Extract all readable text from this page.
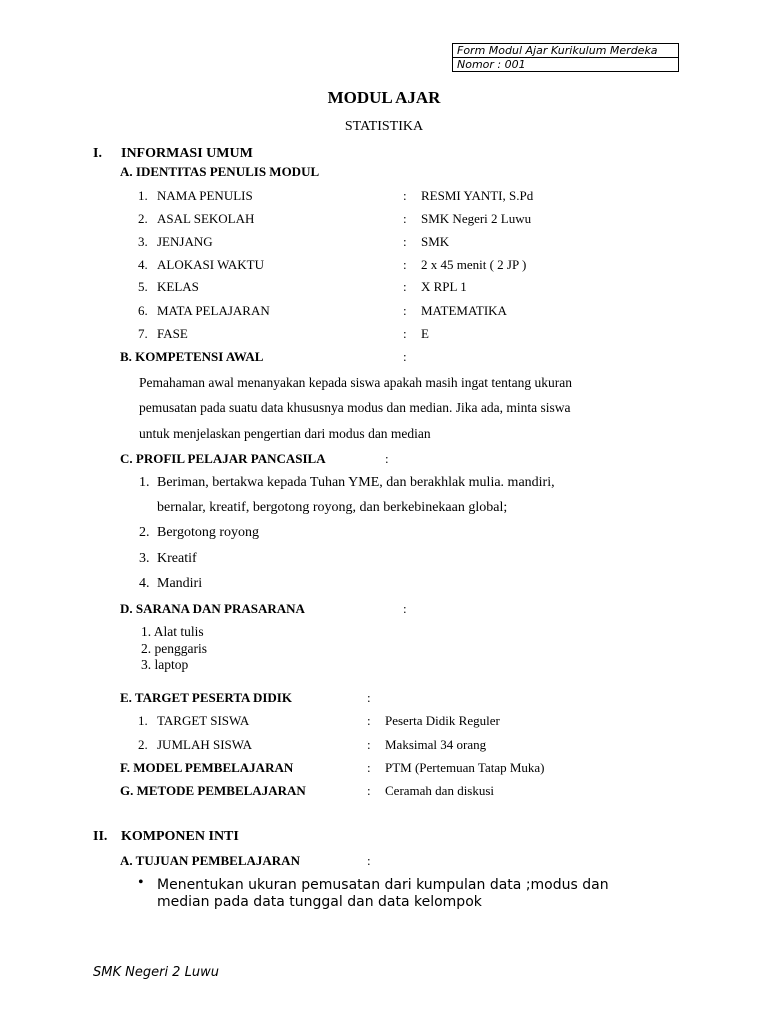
Form Modul Ajar Kurikulum Merdeka
Nomor : 001
MODUL AJAR
STATISTIKA
I. INFORMASI UMUM
A. IDENTITAS PENULIS MODUL
1. NAMA PENULIS	: RESMI YANTI, S.Pd
2. ASAL SEKOLAH	: SMK Negeri 2 Luwu
3. JENJANG	: SMK
4. ALOKASI WAKTU	: 2 x 45 menit ( 2 JP )
5. KELAS	: X RPL 1
6. MATA PELAJARAN	: MATEMATIKA
7. FASE	: E
B. KOMPETENSI AWAL	:
Pemahaman awal menanyakan kepada siswa apakah masih ingat tentang ukuran
pemusatan pada suatu data khususnya modus dan median. Jika ada, minta siswa
untuk menjelaskan pengertian dari modus dan median
C. PROFIL PELAJAR PANCASILA	:
1. Beriman, bertakwa kepada Tuhan YME, dan berakhlak mulia. mandiri,
bernalar, kreatif, bergotong royong, dan berkebinekaan global;
2. Bergotong royong
3. Kreatif
4. Mandiri
D. SARANA DAN PRASARANA	:
1. Alat tulis
2. penggaris
3. laptop
E. TARGET PESERTA DIDIK	:
1. TARGET SISWA	: Peserta Didik Reguler
2. JUMLAH SISWA	: Maksimal 34 orang
F. MODEL PEMBELAJARAN	: PTM (Pertemuan Tatap Muka)
G. METODE PEMBELAJARAN	: Ceramah dan diskusi
II. KOMPONEN INTI
A. TUJUAN PEMBELAJARAN	:
• Menentukan ukuran pemusatan dari kumpulan data ;modus dan
median pada data tunggal dan data kelompok
SMK Negeri 2 Luwu
